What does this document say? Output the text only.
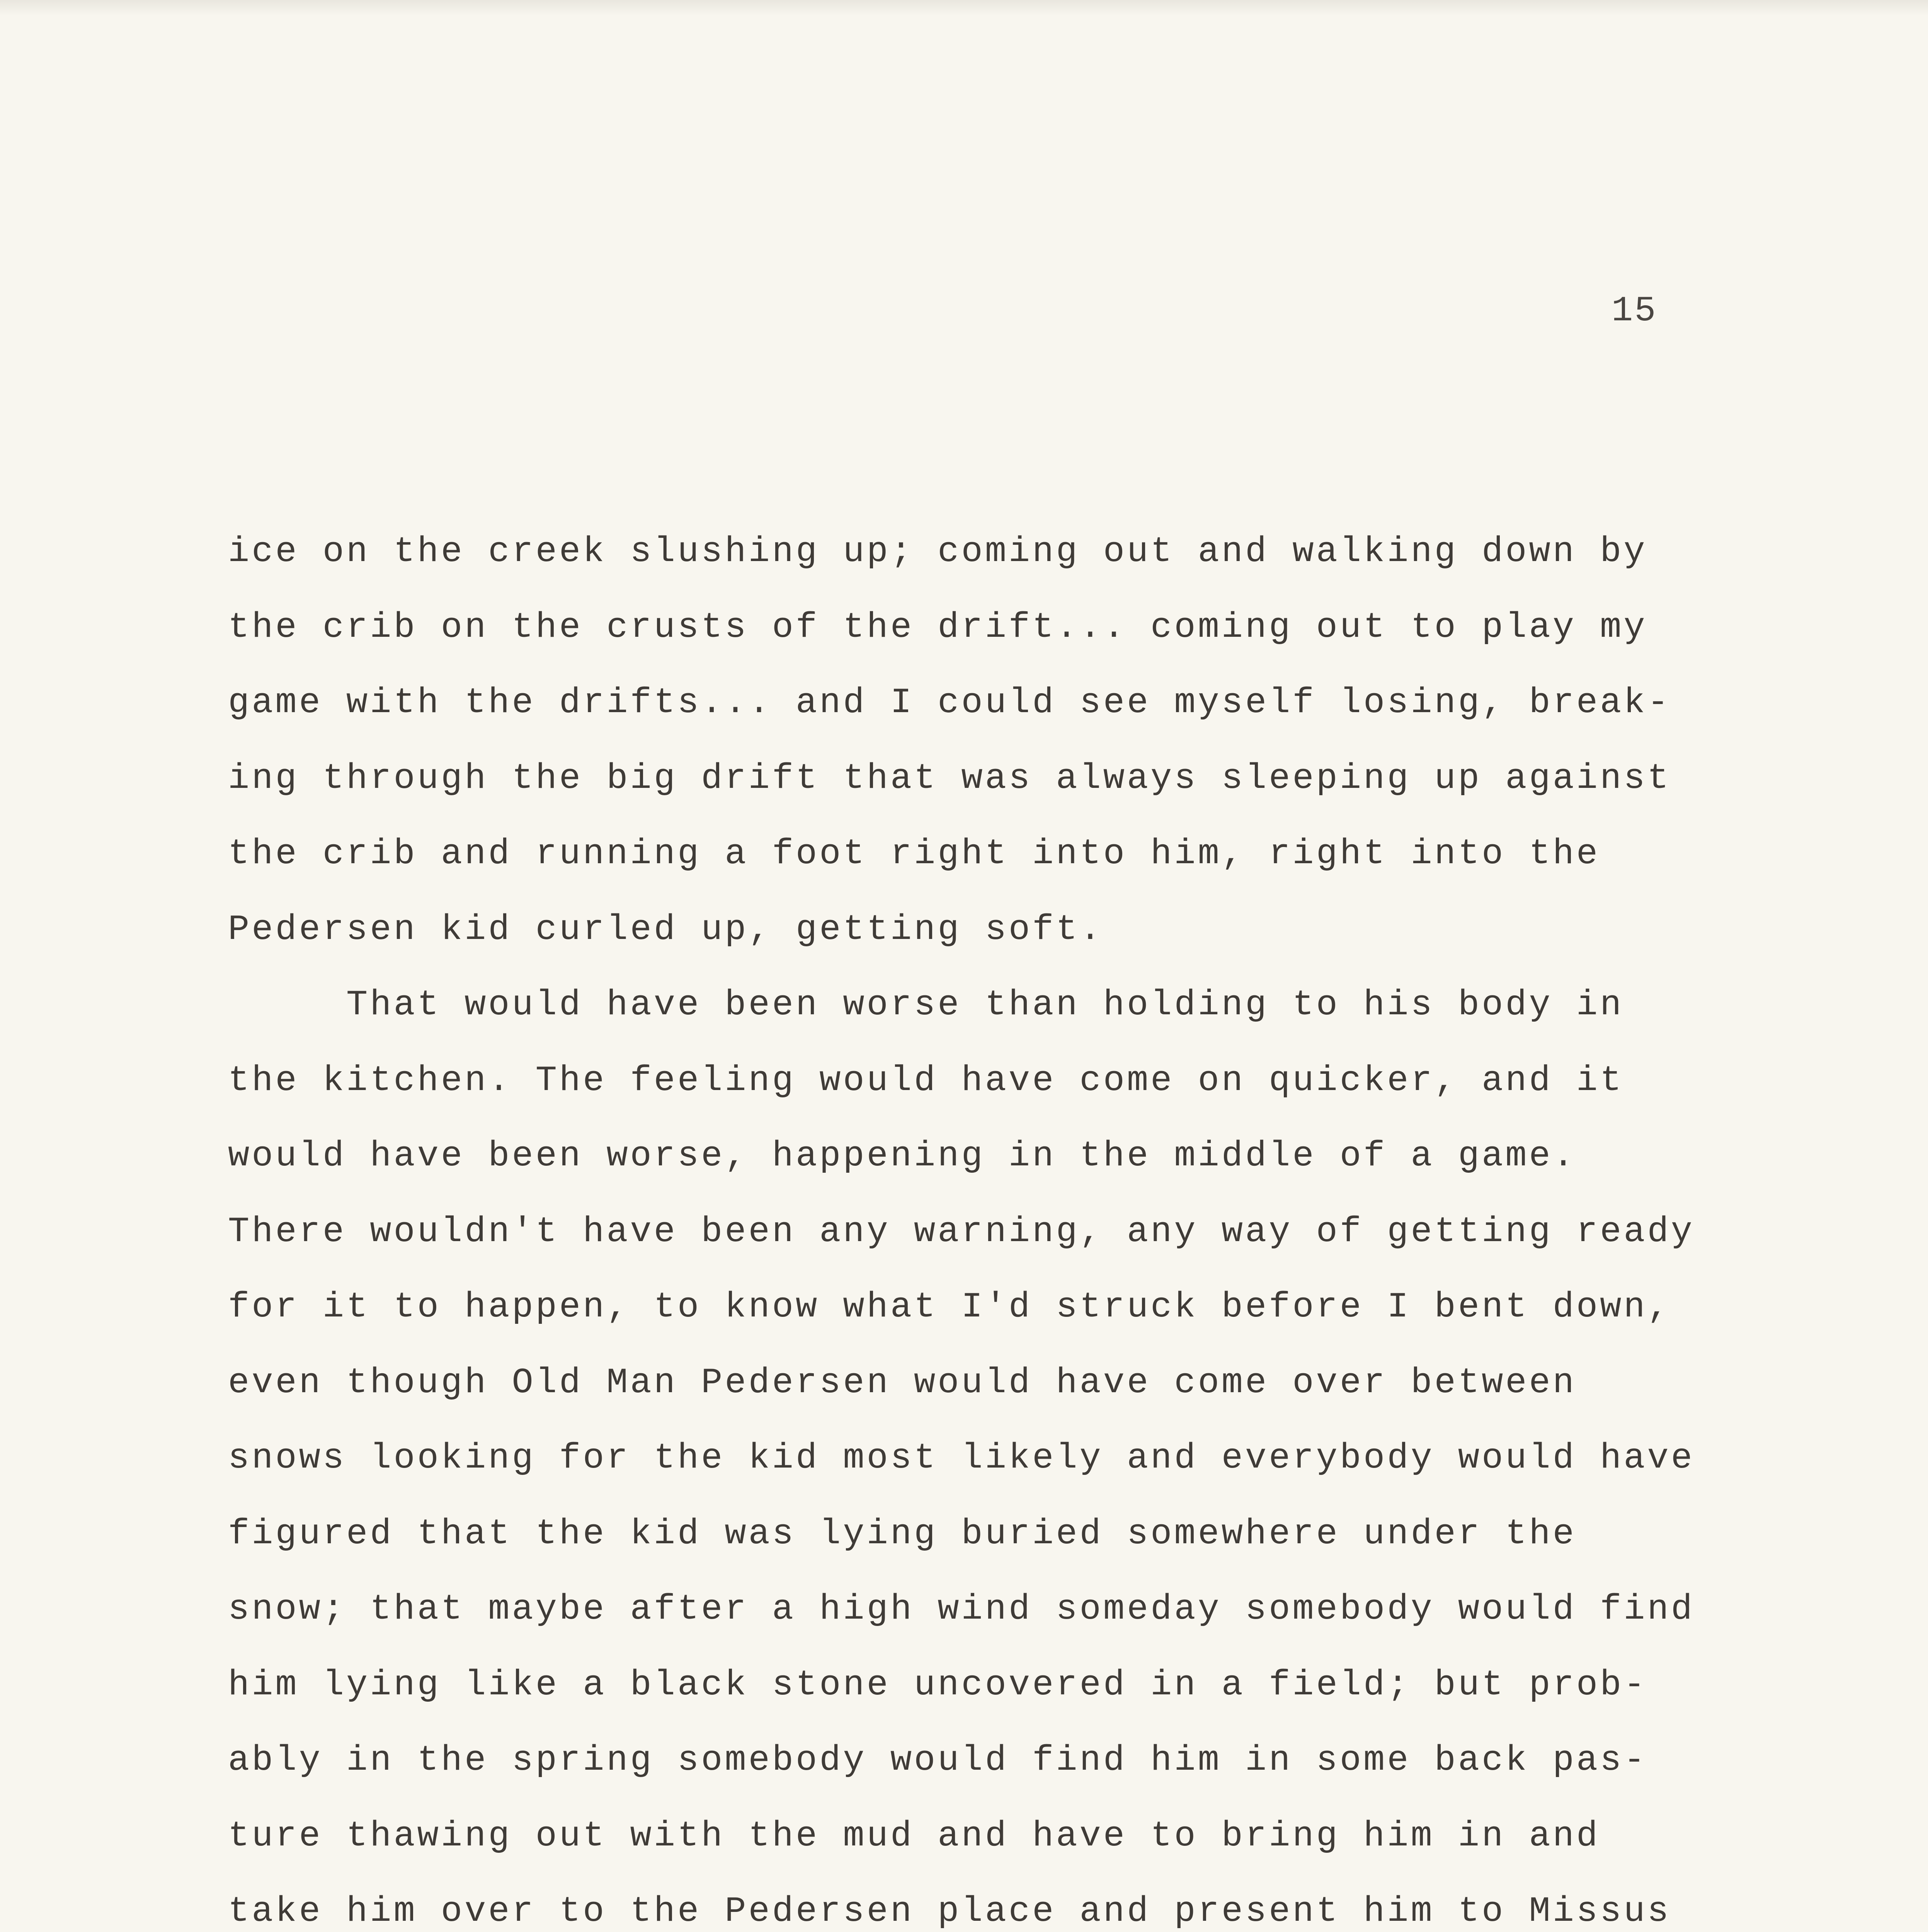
15
ice on the creek slushing up; coming out and walking down by
the crib on the crusts of the drift... coming out to play my
game with the drifts... and I could see myself losing, break-
ing through the big drift that was always sleeping up against
the crib and running a foot right into him, right into the
Pedersen kid curled up, getting soft.
That would have been worse than holding to his body in
the kitchen. The feeling would have come on quicker, and it
would have been worse, happening in the middle of a game.
There wouldn't have been any warning, any way of getting ready
for it to happen, to know what I'd struck before I bent down,
even though Old Man Pedersen would have come over between
snows looking for the kid most likely and everybody would have
figured that the kid was lying buried somewhere under the
snow; that maybe after a high wind someday somebody would find
him lying like a black stone uncovered in a field; but prob-
ably in the spring somebody would find him in some back pas-
ture thawing out with the mud and have to bring him in and
take him over to the Pedersen place and present him to Missus
